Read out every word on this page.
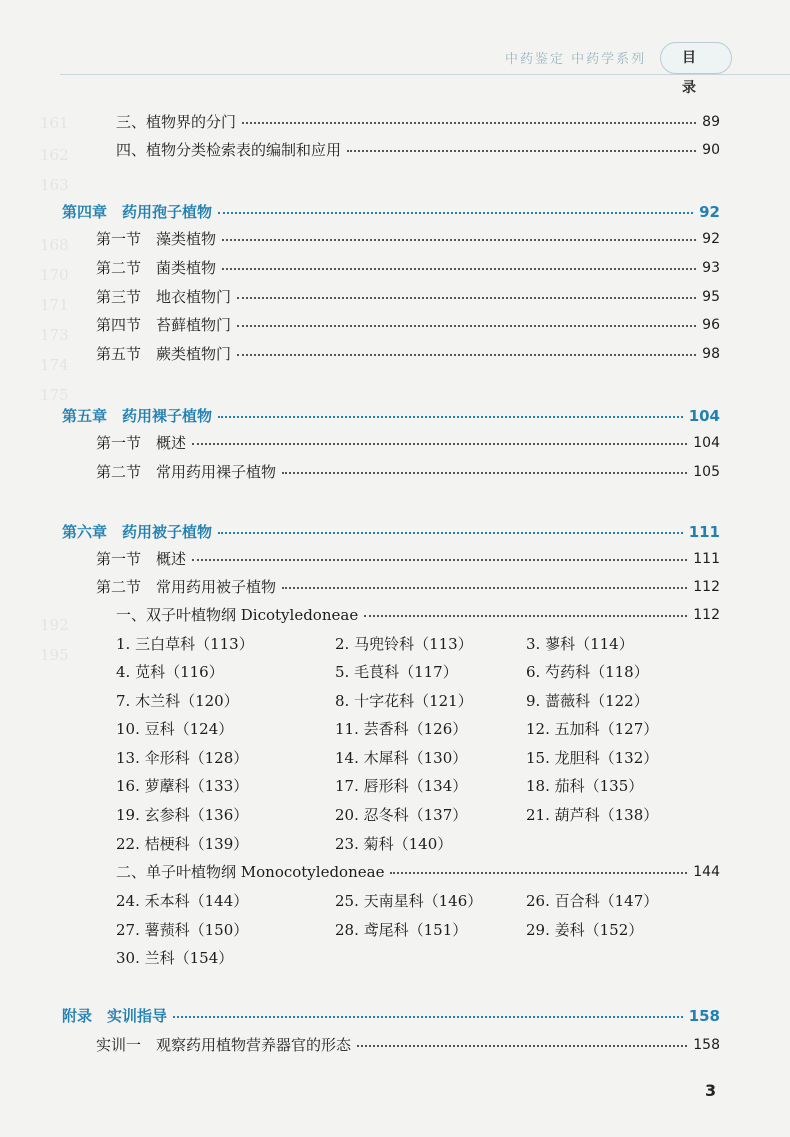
161
162
163
168
170
171
173
174
175
192
195
中药鉴定 中药学系列	目 录
三、植物界的分门	89
四、植物分类检索表的编制和应用	90
第四章　药用孢子植物	92
第一节　藻类植物	92
第二节　菌类植物	93
第三节　地衣植物门	95
第四节　苔藓植物门	96
第五节　蕨类植物门	98
第五章　药用裸子植物	104
第一节　概述	104
第二节　常用药用裸子植物	105
第六章　药用被子植物	111
第一节　概述	111
第二节　常用药用被子植物	112
一、双子叶植物纲 Dicotyledoneae	112
1. 三白草科（113）	2. 马兜铃科（113）	3. 蓼科（114）
4. 苋科（116）	5. 毛茛科（117）	6. 芍药科（118）
7. 木兰科（120）	8. 十字花科（121）	9. 蔷薇科（122）
10. 豆科（124）	11. 芸香科（126）	12. 五加科（127）
13. 伞形科（128）	14. 木犀科（130）	15. 龙胆科（132）
16. 萝藦科（133）	17. 唇形科（134）	18. 茄科（135）
19. 玄参科（136）	20. 忍冬科（137）	21. 葫芦科（138）
22. 桔梗科（139）	23. 菊科（140）
二、单子叶植物纲 Monocotyledoneae	144
24. 禾本科（144）	25. 天南星科（146）	26. 百合科（147）
27. 薯蓣科（150）	28. 鸢尾科（151）	29. 姜科（152）
30. 兰科（154）
附录　实训指导	158
实训一　观察药用植物营养器官的形态	158
3
